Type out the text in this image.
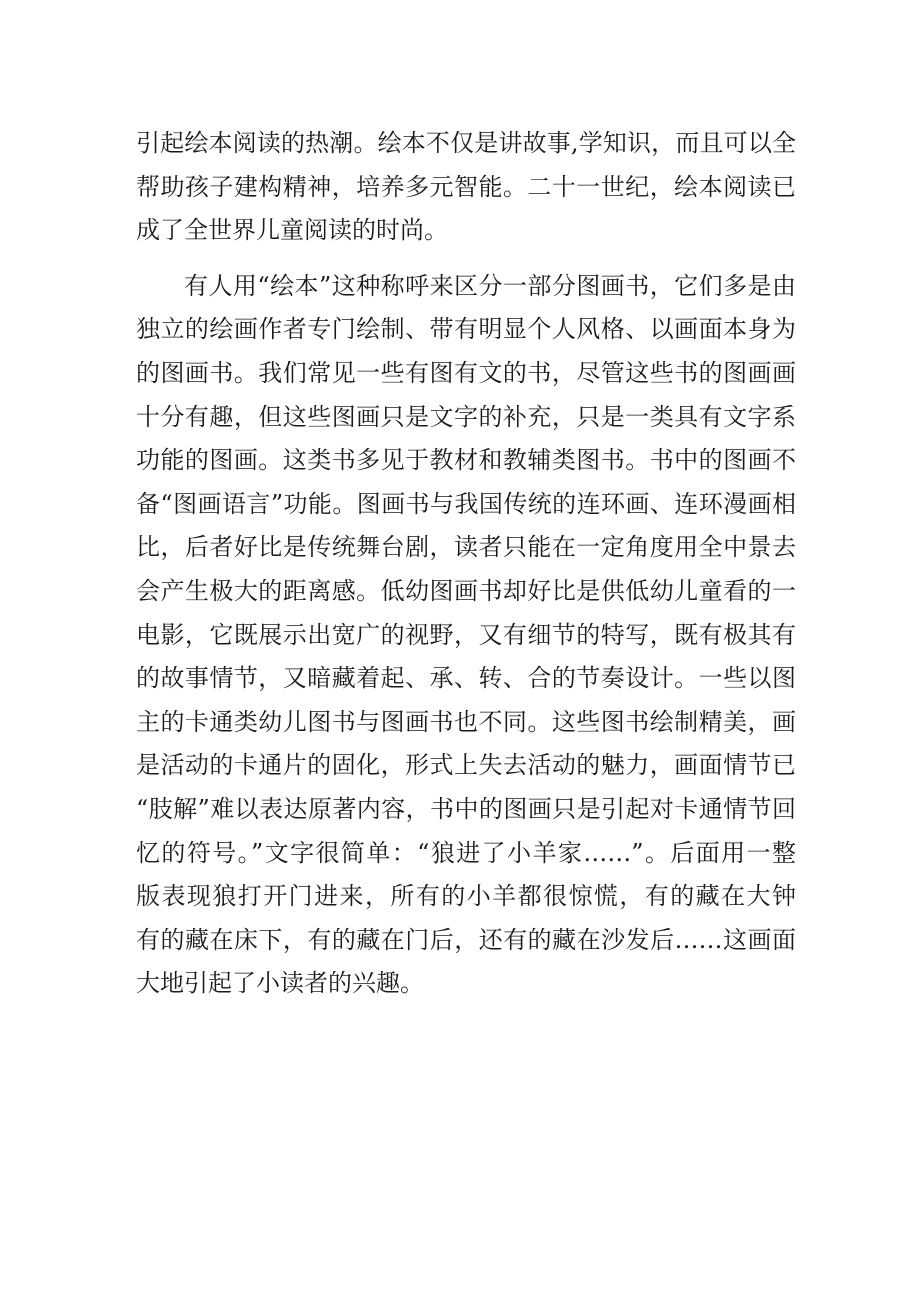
引起绘本阅读的热潮。绘本不仅是讲故事,学知识，而且可以全
帮助孩子建构精神，培养多元智能。二十一世纪，绘本阅读已
成了全世界儿童阅读的时尚。
有人用“绘本”这种称呼来区分一部分图画书，它们多是由
独立的绘画作者专门绘制、带有明显个人风格、以画面本身为
的图画书。我们常见一些有图有文的书，尽管这些书的图画画
十分有趣，但这些图画只是文字的补充，只是一类具有文字系
功能的图画。这类书多见于教材和教辅类图书。书中的图画不
备“图画语言”功能。图画书与我国传统的连环画、连环漫画相
比，后者好比是传统舞台剧，读者只能在一定角度用全中景去
会产生极大的距离感。低幼图画书却好比是供低幼儿童看的一
电影，它既展示出宽广的视野，又有细节的特写，既有极其有
的故事情节，又暗藏着起、承、转、合的节奏设计。一些以图
主的卡通类幼儿图书与图画书也不同。这些图书绘制精美，画
是活动的卡通片的固化，形式上失去活动的魅力，画面情节已
“肢解”难以表达原著内容，书中的图画只是引起对卡通情节回
忆的符号。”文字很简单：“狼进了小羊家……”。后面用一整
版表现狼打开门进来，所有的小羊都很惊慌，有的藏在大钟
有的藏在床下，有的藏在门后，还有的藏在沙发后……这画面
大地引起了小读者的兴趣。
